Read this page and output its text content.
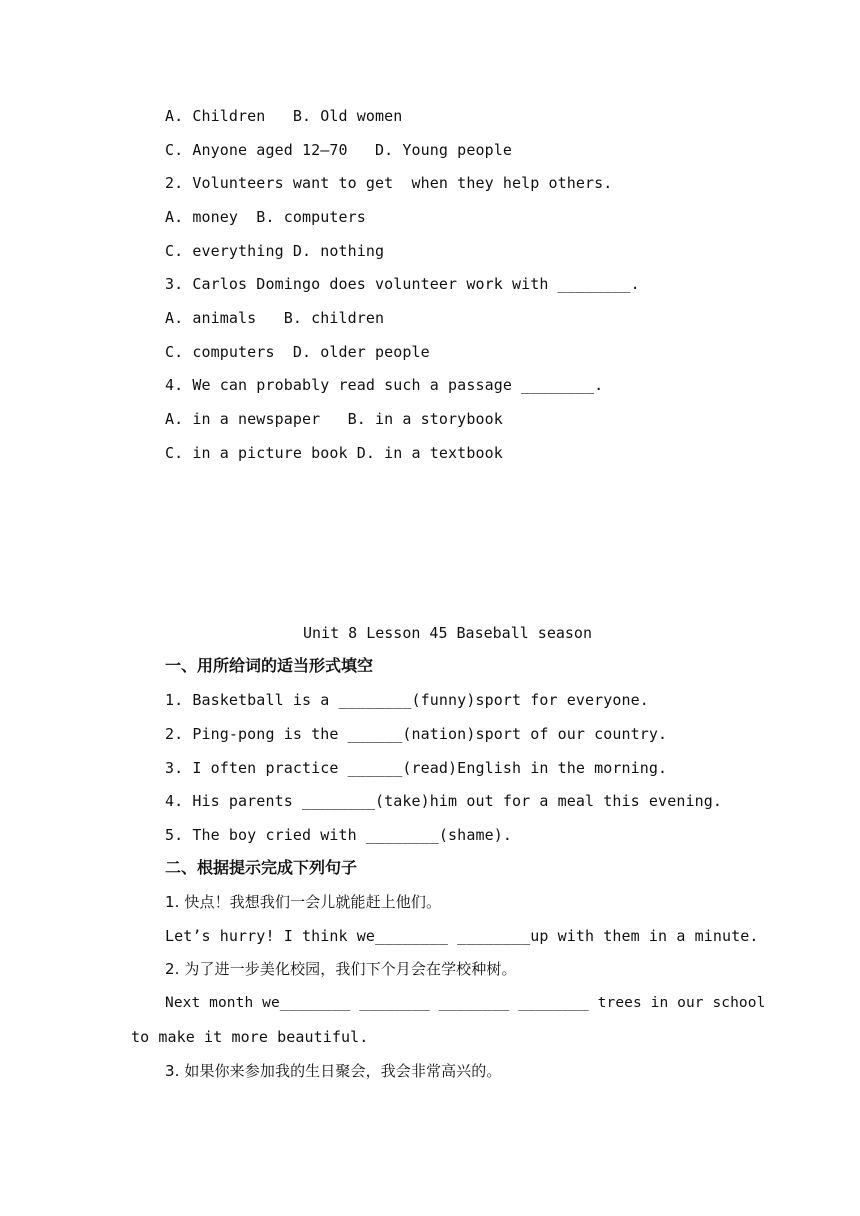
A. Children   B. Old women
C. Anyone aged 12—70   D. Young people
2. Volunteers want to get  when they help others.
A. money  B. computers
C. everything D. nothing
3. Carlos Domingo does volunteer work with ________.
A. animals   B. children
C. computers  D. older people
4. We can probably read such a passage ________.
A. in a newspaper   B. in a storybook
C. in a picture book D. in a textbook
Unit 8 Lesson 45 Baseball season
一、用所给词的适当形式填空
1. Basketball is a ________(funny)sport for everyone.
2. Ping-pong is the ______(nation)sport of our country.
3. I often practice ______(read)English in the morning.
4. His parents ________(take)him out for a meal this evening.
5. The boy cried with ________(shame).
二、根据提示完成下列句子
1. 快点！我想我们一会儿就能赶上他们。
Let’s hurry! I think we________ ________up with them in a minute.
2. 为了进一步美化校园，我们下个月会在学校种树。
Next month we________ ________ ________ ________ trees in our school
to make it more beautiful.
3. 如果你来参加我的生日聚会，我会非常高兴的。
